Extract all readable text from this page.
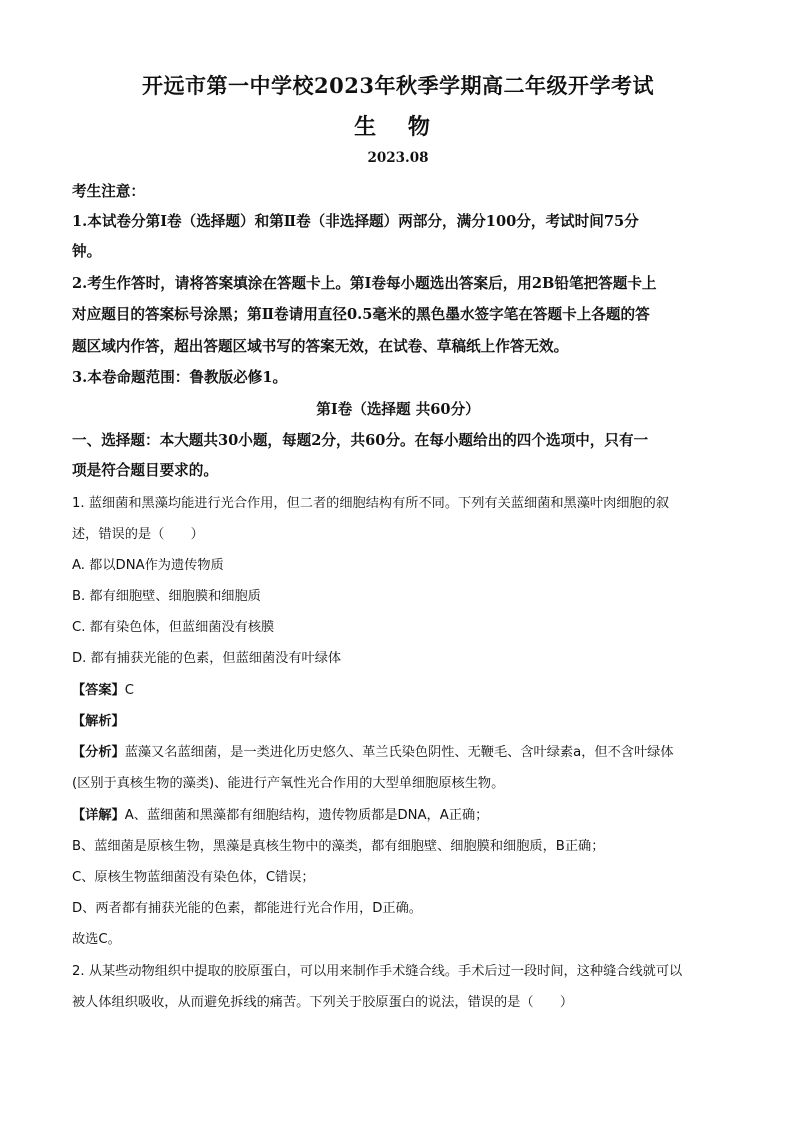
开远市第一中学校2023年秋季学期高二年级开学考试
生 物
2023.08
考生注意：
1.本试卷分第Ⅰ卷（选择题）和第Ⅱ卷（非选择题）两部分，满分100分，考试时间75分
钟。
2.考生作答时，请将答案填涂在答题卡上。第Ⅰ卷每小题选出答案后，用2B铅笔把答题卡上
对应题目的答案标号涂黑；第Ⅱ卷请用直径0.5毫米的黑色墨水签字笔在答题卡上各题的答
题区域内作答，超出答题区域书写的答案无效，在试卷、草稿纸上作答无效。
3.本卷命题范围：鲁教版必修1。
第Ⅰ卷（选择题 共60分）
一、选择题：本大题共30小题，每题2分，共60分。在每小题给出的四个选项中，只有一
项是符合题目要求的。
1. 蓝细菌和黑藻均能进行光合作用，但二者的细胞结构有所不同。下列有关蓝细菌和黑藻叶肉细胞的叙
述，错误的是（　　）
A. 都以DNA作为遗传物质
B. 都有细胞壁、细胞膜和细胞质
C. 都有染色体，但蓝细菌没有核膜
D. 都有捕获光能的色素，但蓝细菌没有叶绿体
【答案】C
【解析】
【分析】蓝藻又名蓝细菌，是一类进化历史悠久、革兰氏染色阴性、无鞭毛、含叶绿素a，但不含叶绿体
(区别于真核生物的藻类)、能进行产氧性光合作用的大型单细胞原核生物。
【详解】A、蓝细菌和黑藻都有细胞结构，遗传物质都是DNA，A正确；
B、蓝细菌是原核生物，黑藻是真核生物中的藻类，都有细胞壁、细胞膜和细胞质，B正确；
C、原核生物蓝细菌没有染色体，C错误；
D、两者都有捕获光能的色素，都能进行光合作用，D正确。
故选C。
2. 从某些动物组织中提取的胶原蛋白，可以用来制作手术缝合线。手术后过一段时间，这种缝合线就可以
被人体组织吸收，从而避免拆线的痛苦。下列关于胶原蛋白的说法，错误的是（　　）
